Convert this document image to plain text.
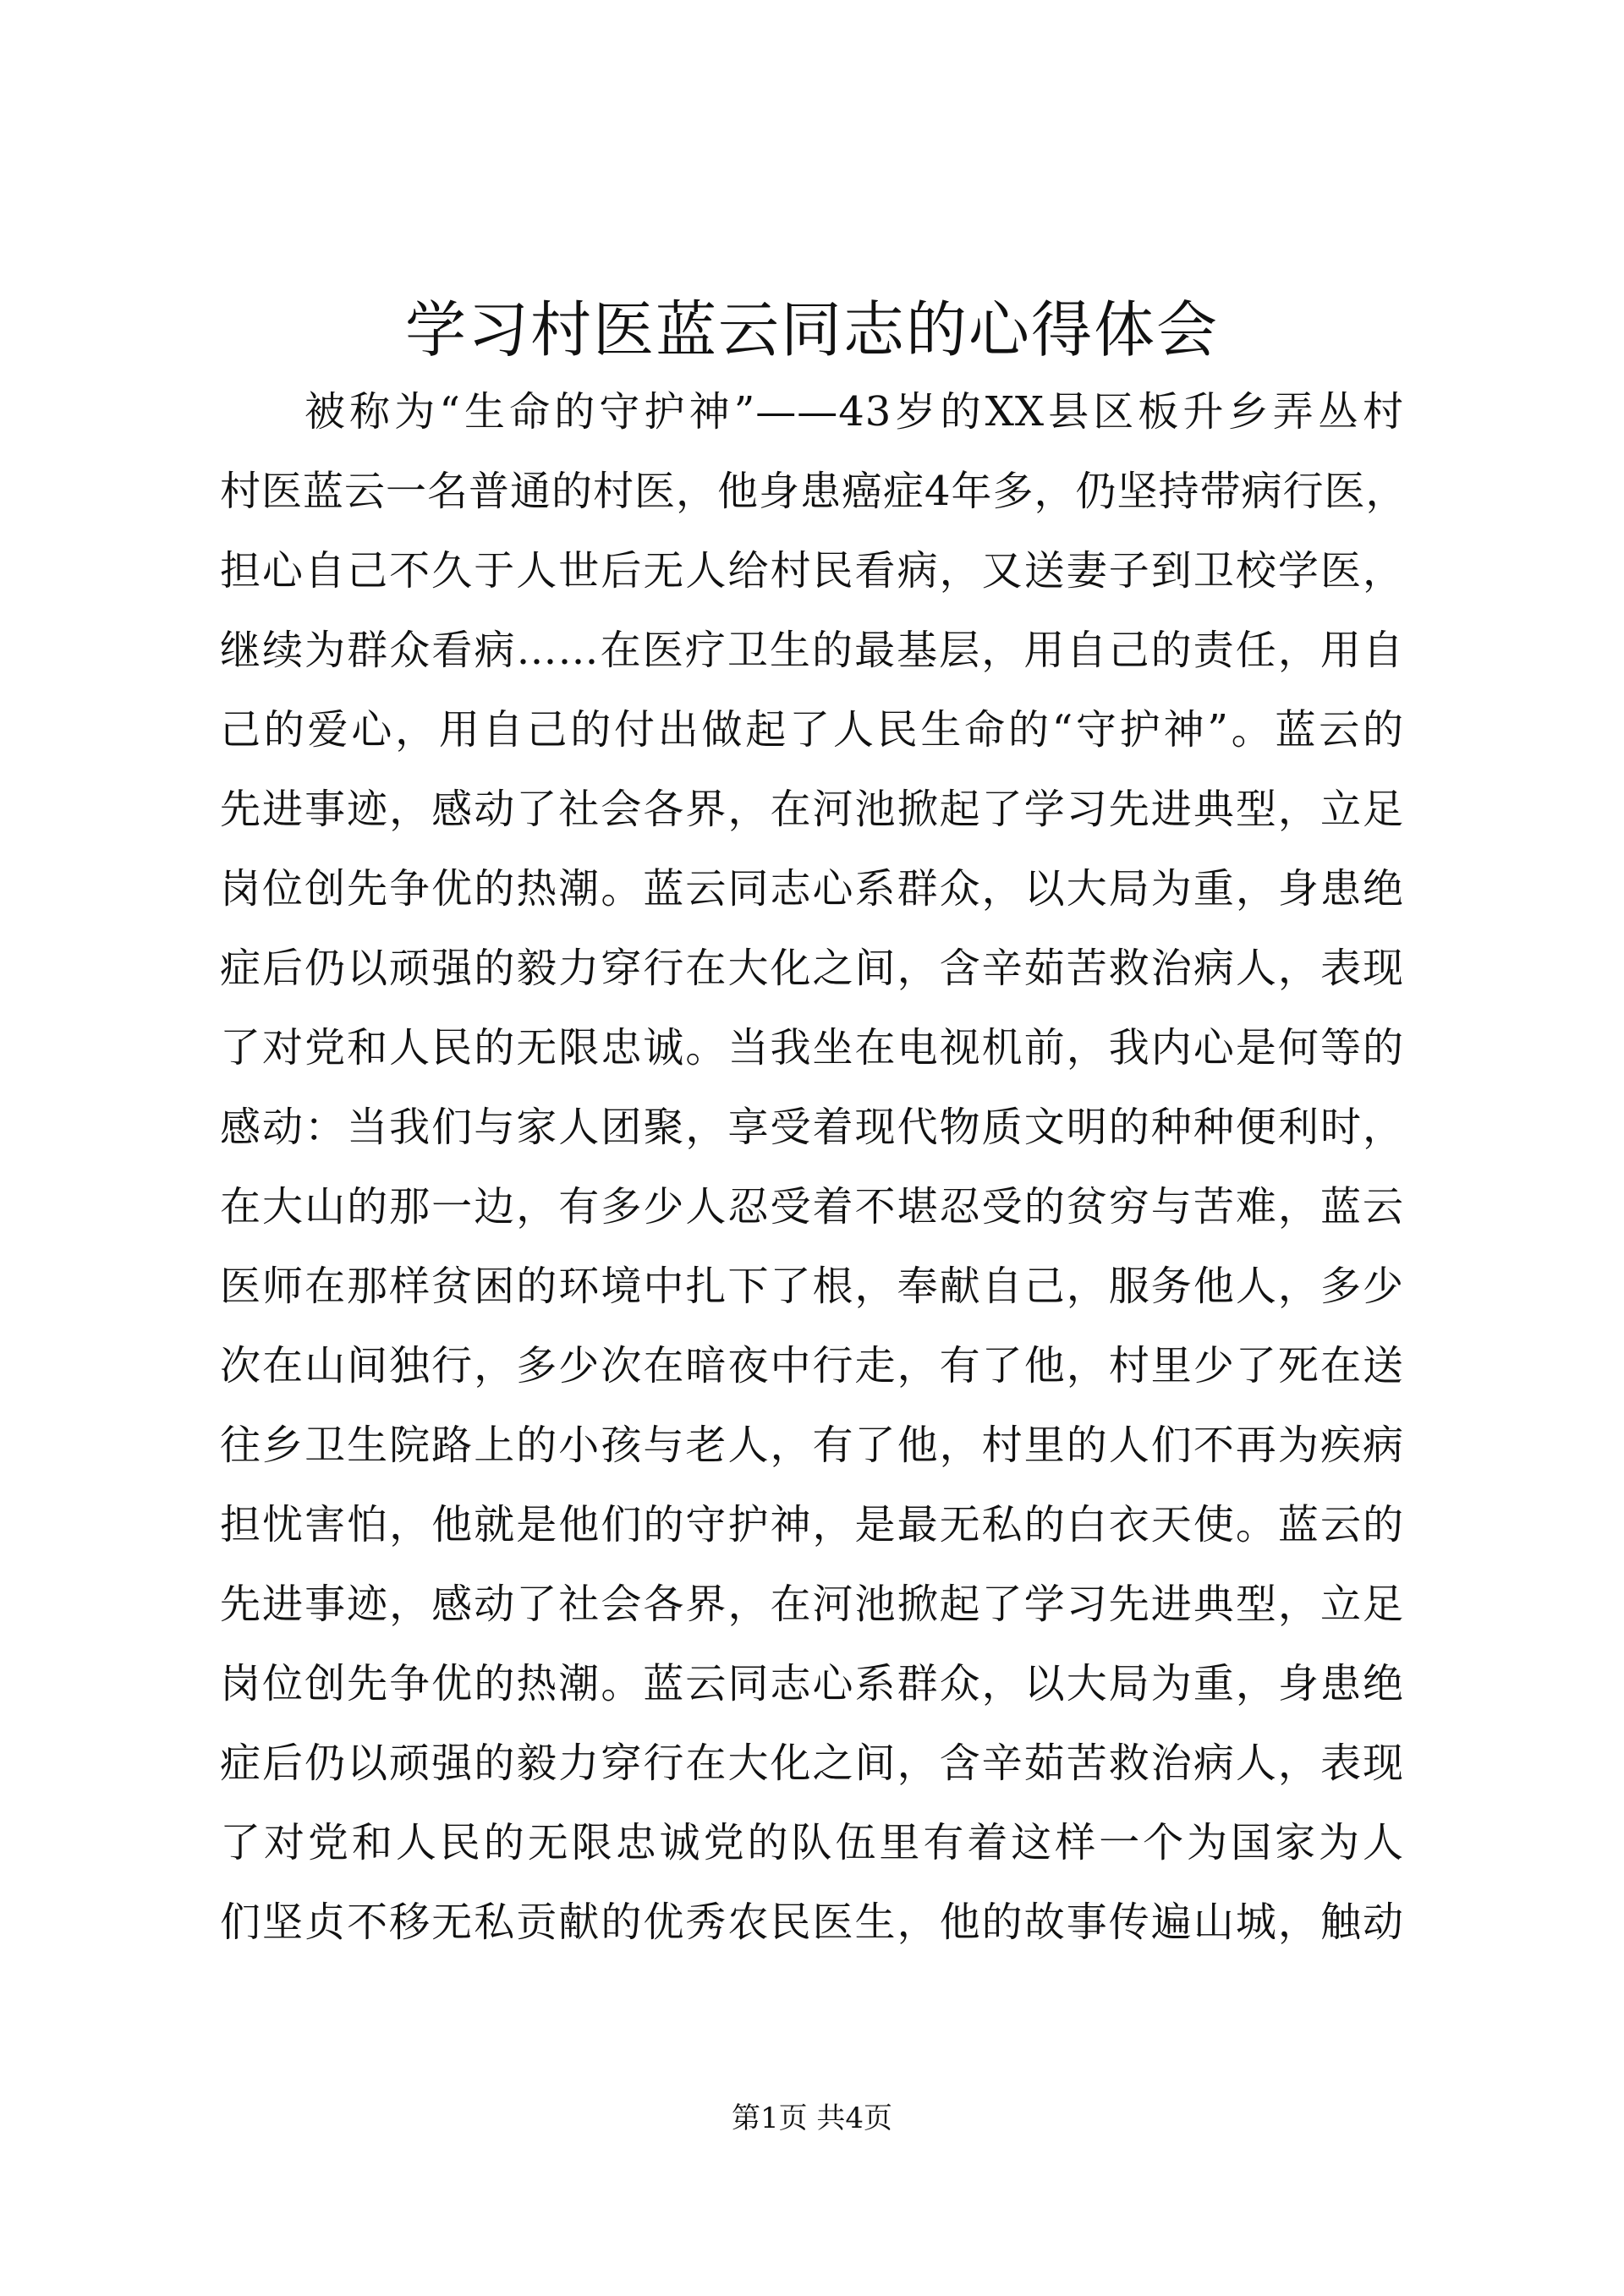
学习村医蓝云同志的心得体会
被称为“生命的守护神”——43岁的XX县区板升乡弄丛村
村医蓝云一名普通的村医，他身患癌症4年多，仍坚持带病行医，
担心自己不久于人世后无人给村民看病，又送妻子到卫校学医，
继续为群众看病……在医疗卫生的最基层，用自己的责任，用自
己的爱心，用自己的付出做起了人民生命的“守护神”。蓝云的
先进事迹，感动了社会各界，在河池掀起了学习先进典型，立足
岗位创先争优的热潮。蓝云同志心系群众，以大局为重，身患绝
症后仍以顽强的毅力穿行在大化之间，含辛茹苦救治病人，表现
了对党和人民的无限忠诚。当我坐在电视机前，我内心是何等的
感动：当我们与家人团聚，享受着现代物质文明的种种便利时，
在大山的那一边，有多少人忍受着不堪忍受的贫穷与苦难，蓝云
医师在那样贫困的环境中扎下了根，奉献自己，服务他人，多少
次在山间独行，多少次在暗夜中行走，有了他，村里少了死在送
往乡卫生院路上的小孩与老人，有了他，村里的人们不再为疾病
担忧害怕，他就是他们的守护神，是最无私的白衣天使。蓝云的
先进事迹，感动了社会各界，在河池掀起了学习先进典型，立足
岗位创先争优的热潮。蓝云同志心系群众，以大局为重，身患绝
症后仍以顽强的毅力穿行在大化之间，含辛茹苦救治病人，表现
了对党和人民的无限忠诚党的队伍里有着这样一个为国家为人
们坚贞不移无私贡献的优秀农民医生，他的故事传遍山城，触动
第1页 共4页
